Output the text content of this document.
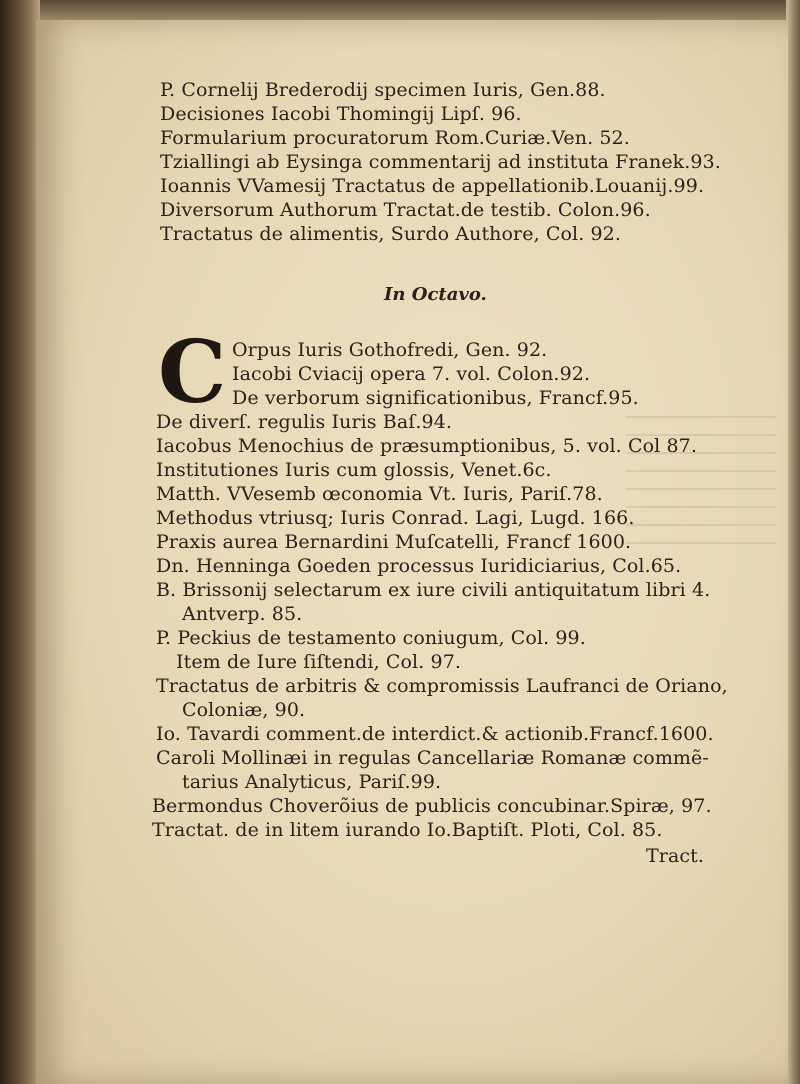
P. Cornelij Brederodij specimen Iuris, Gen.88.
Decisiones Iacobi Thomingij Lipſ. 96.
Formularium procuratorum Rom.Curiæ.Ven. 52.
Tziallingi ab Eysinga commentarij ad instituta Franek.93.
Ioannis VVamesij Tractatus de appellationib.Louanij.99.
Diversorum Authorum Tractat.de testib. Colon.96.
Tractatus de alimentis, Surdo Authore, Col. 92.
In Octavo.
C Orpus Iuris Gothofredi, Gen. 92.
Iacobi Cviacij opera 7. vol. Colon.92.
De verborum significationibus, Francf.95.
De diverſ. regulis Iuris Baſ.94.
Iacobus Menochius de præsumptionibus, 5. vol. Col 87.
Institutiones Iuris cum glossis, Venet.6c.
Matth. VVesemb œconomia Vt. Iuris, Pariſ.78.
Methodus vtriusq; Iuris Conrad. Lagi, Lugd. 166.
Praxis aurea Bernardini Muſcatelli, Francf 1600.
Dn. Henninga Goeden processus Iuridiciarius, Col.65.
B. Brissonij selectarum ex iure civili antiquitatum libri 4.
Antverp. 85.
P. Peckius de testamento coniugum, Col. 99.
Item de Iure ſiſtendi, Col. 97.
Tractatus de arbitris & compromissis Laufranci de Oriano,
Coloniæ, 90.
Io. Tavardi comment.de interdict.& actionib.Francf.1600.
Caroli Mollinæi in regulas Cancellariæ Romanæ commẽ-
tarius Analyticus, Pariſ.99.
Bermondus Choverõius de publicis concubinar.Spiræ, 97.
Tractat. de in litem iurando Io.Baptiſt. Ploti, Col. 85.
Tract.
